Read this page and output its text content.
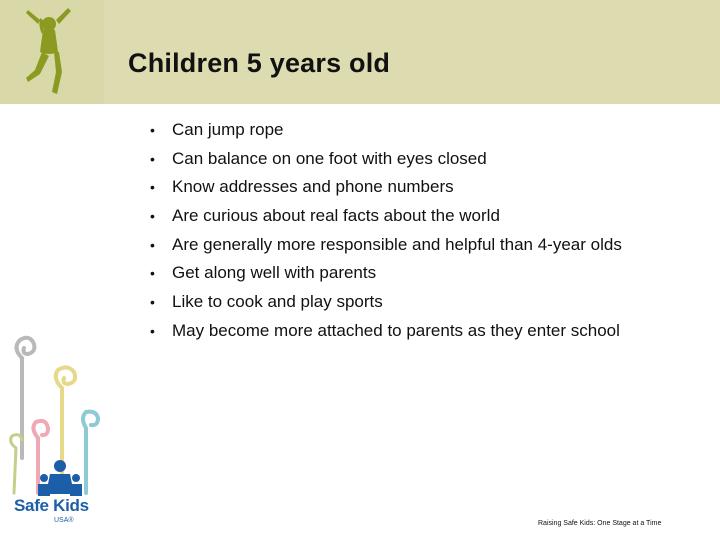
Children 5 years old
• Can jump rope
• Can balance on one foot with eyes closed
• Know addresses and phone numbers
• Are curious about real facts about the world
• Are generally more responsible and helpful than 4-year olds
• Get along well with parents
• Like to cook and play sports
• May become more attached to parents as they enter school
Safe Kids
USA®	Raising Safe Kids: One Stage at a Time
